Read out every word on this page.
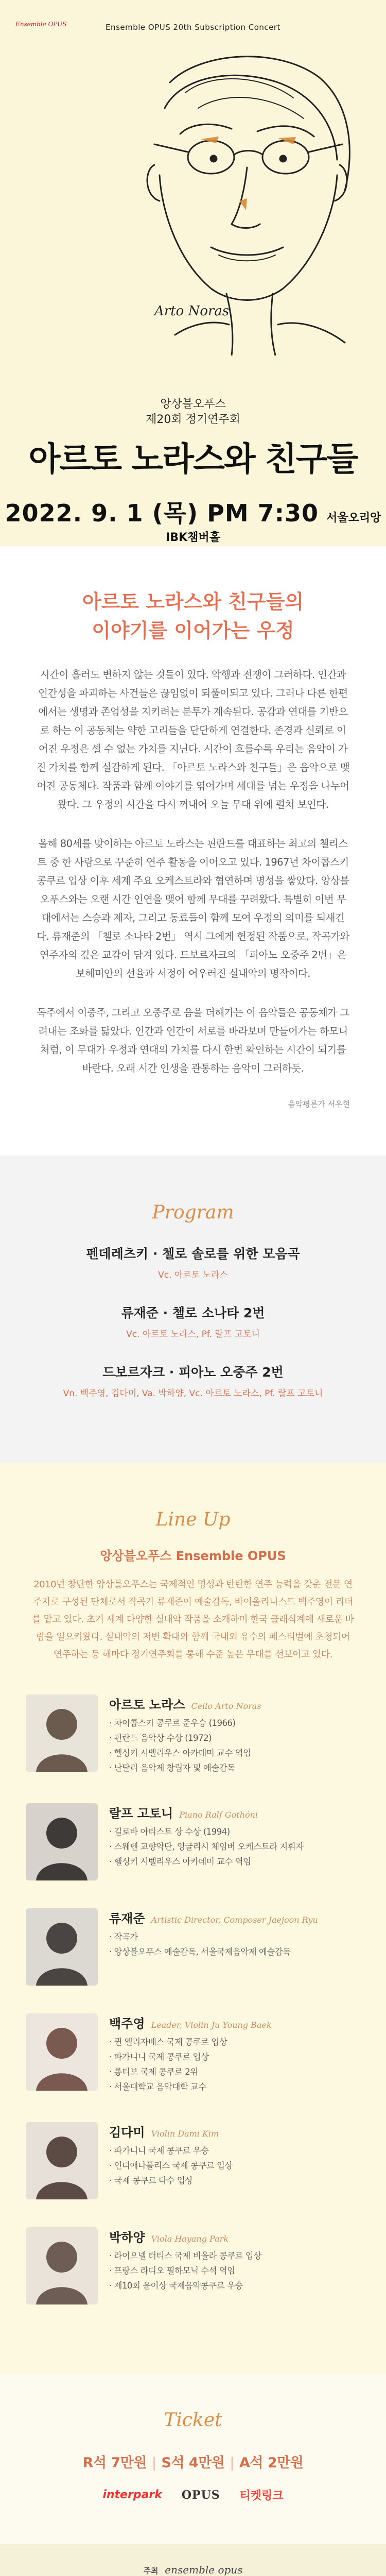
Ensemble OPUS	Ensemble OPUS 20th Subscription Concert
Arto Noras
앙상블오푸스
제20회 정기연주회
아르토 노라스와 친구들
2022. 9. 1 (목) PM 7:30 서울오리앙 IBK챔버홀
아르토 노라스와 친구들의
이야기를 이어가는 우정

시간이 흘러도 변하지 않는 것들이 있다. 악행과 전쟁이 그러하다. 인간과 인간성을 파괴하는 사건들은 끊임없이 되풀이되고 있다. 그러나 다른 한편에서는 생명과 존엄성을 지키려는 분투가 계속된다. 공감과 연대를 기반으로 하는 이 공동체는 약한 고리들을 단단하게 연결한다. 존경과 신뢰로 이어진 우정은 셀 수 없는 가치를 지닌다. 시간이 흐를수록 우리는 음악이 가진 가치를 함께 실감하게 된다. 「아르토 노라스와 친구들」은 음악으로 맺어진 공동체다. 작품과 함께 이야기를 엮어가며 세대를 넘는 우정을 나누어 왔다. 그 우정의 시간을 다시 꺼내어 오늘 무대 위에 펼쳐 보인다.

올해 80세를 맞이하는 아르토 노라스는 핀란드를 대표하는 최고의 첼리스트 중 한 사람으로 꾸준히 연주 활동을 이어오고 있다. 1967년 차이콥스키 콩쿠르 입상 이후 세계 주요 오케스트라와 협연하며 명성을 쌓았다. 앙상블오푸스와는 오랜 시간 인연을 맺어 함께 무대를 꾸려왔다. 특별히 이번 무대에서는 스승과 제자, 그리고 동료들이 함께 모여 우정의 의미를 되새긴다. 류재준의 「첼로 소나타 2번」 역시 그에게 헌정된 작품으로, 작곡가와 연주자의 깊은 교감이 담겨 있다. 드보르자크의 「피아노 오중주 2번」은 보헤미안의 선율과 서정이 어우러진 실내악의 명작이다.

독주에서 이중주, 그리고 오중주로 음을 더해가는 이 음악들은 공동체가 그려내는 조화를 닮았다. 인간과 인간이 서로를 바라보며 만들어가는 하모니처럼, 이 무대가 우정과 연대의 가치를 다시 한번 확인하는 시간이 되기를 바란다. 오래 시간 인생을 관통하는 음악이 그러하듯.

음악평론가 서우현
Program
펜데레츠키 · 첼로 솔로를 위한 모음곡
Vc. 아르토 노라스
류재준 · 첼로 소나타 2번
Vc. 아르토 노라스, Pf. 랄프 고토니
드보르자크 · 피아노 오중주 2번
Vn. 백주영, 김다미, Va. 박하양, Vc. 아르토 노라스, Pf. 랄프 고토니
Line Up
앙상블오푸스 Ensemble OPUS

2010년 창단한 앙상블오푸스는 국제적인 명성과 탄탄한 연주 능력을 갖춘 전문 연주자로 구성된 단체로서 작곡가 류재준이 예술감독, 바이올리니스트 백주영이 리더를 맡고 있다. 초기 세계 다양한 실내악 작품을 소개하며 한국 클래식계에 새로운 바람을 일으켜왔다. 실내악의 저변 확대와 함께 국내외 유수의 페스티벌에 초청되어 연주하는 등 해마다 정기연주회를 통해 수준 높은 무대를 선보이고 있다.

아르토 노라스 Cello Arto Noras
· 차이콥스키 콩쿠르 준우승 (1966)
· 핀란드 음악상 수상 (1972)
· 헬싱키 시벨리우스 아카데미 교수 역임
· 난탈리 음악제 창립자 및 예술감독
랄프 고토니 Piano Ralf Gothóni
· 길로바 아티스트 상 수상 (1994)
· 스웨덴 교향악단, 잉글리시 체임버 오케스트라 지휘자
· 헬싱키 시벨리우스 아카데미 교수 역임
류재준 Artistic Director, Composer Jaejoon Ryu
· 작곡가
· 앙상블오푸스 예술감독, 서울국제음악제 예술감독
백주영 Leader, Violin Ju Young Baek
· 퀸 엘리자베스 국제 콩쿠르 입상
· 파가니니 국제 콩쿠르 입상
· 롱티보 국제 콩쿠르 2위
· 서울대학교 음악대학 교수
김다미 Violin Dami Kim
· 파가니니 국제 콩쿠르 우승
· 인디애나폴리스 국제 콩쿠르 입상
· 국제 콩쿠르 다수 입상
박하양 Viola Hayang Park
· 라이오넬 터티스 국제 비올라 콩쿠르 입상
· 프랑스 라디오 필하모닉 수석 역임
· 제10회 윤이상 국제음악콩쿠르 우승
Ticket
R석 7만원 | S석 4만원 | A석 2만원
interpark OPUS 티켓링크
주최 ensemble opus
